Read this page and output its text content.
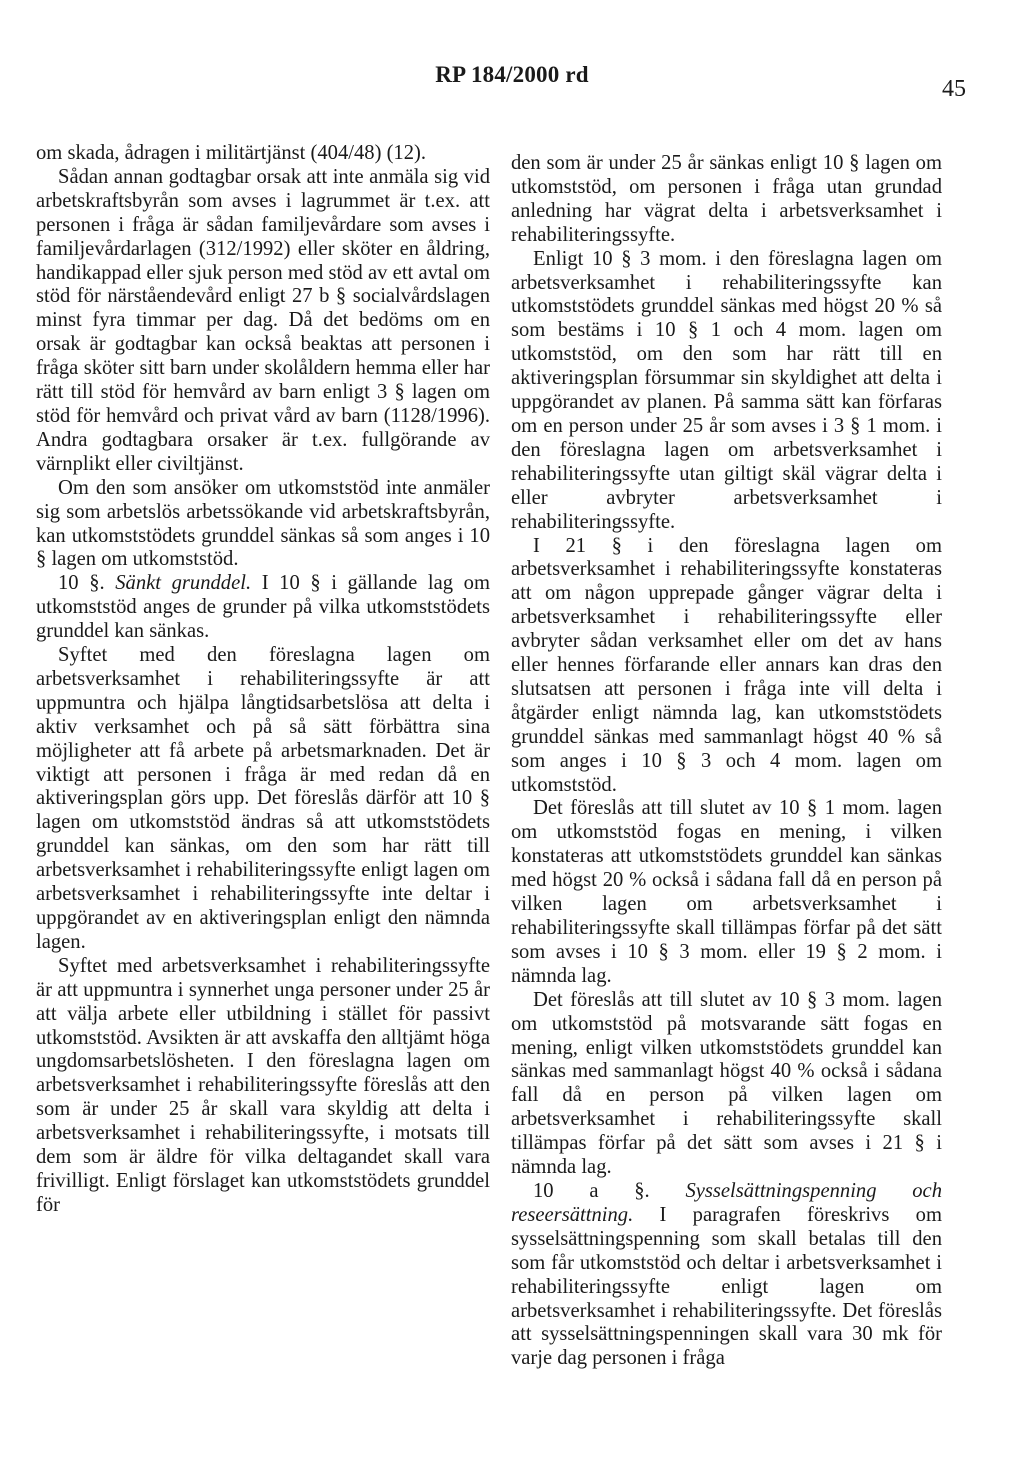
RP 184/2000 rd
45

om skada, ådragen i militärtjänst (404/48) (12).

Sådan annan godtagbar orsak att inte anmäla sig vid arbetskraftsbyrån som avses i lagrummet är t.ex. att personen i fråga är sådan familjevårdare som avses i familjevårdarlagen (312/1992) eller sköter en åldring, handikappad eller sjuk person med stöd av ett avtal om stöd för närståendevård enligt 27 b § socialvårdslagen minst fyra timmar per dag. Då det bedöms om en orsak är godtagbar kan också beaktas att personen i fråga sköter sitt barn under skolåldern hemma eller har rätt till stöd för hemvård av barn enligt 3 § lagen om stöd för hemvård och privat vård av barn (1128/1996). Andra godtagbara orsaker är t.ex. fullgörande av värnplikt eller civiltjänst.

Om den som ansöker om utkomststöd inte anmäler sig som arbetslös arbetssökande vid arbetskraftsbyrån, kan utkomststödets grunddel sänkas så som anges i 10 § lagen om utkomststöd.

10 §. Sänkt grunddel. I 10 § i gällande lag om utkomststöd anges de grunder på vilka utkomststödets grunddel kan sänkas.

Syftet med den föreslagna lagen om arbetsverksamhet i rehabiliteringssyfte är att uppmuntra och hjälpa långtidsarbetslösa att delta i aktiv verksamhet och på så sätt förbättra sina möjligheter att få arbete på arbetsmarknaden. Det är viktigt att personen i fråga är med redan då en aktiveringsplan görs upp. Det föreslås därför att 10 § lagen om utkomststöd ändras så att utkomststödets grunddel kan sänkas, om den som har rätt till arbetsverksamhet i rehabiliteringssyfte enligt lagen om arbetsverksamhet i rehabiliteringssyfte inte deltar i uppgörandet av en aktiveringsplan enligt den nämnda lagen.

Syftet med arbetsverksamhet i rehabiliteringssyfte är att uppmuntra i synnerhet unga personer under 25 år att välja arbete eller utbildning i stället för passivt utkomststöd. Avsikten är att avskaffa den alltjämt höga ungdomsarbetslösheten. I den föreslagna lagen om arbetsverksamhet i rehabiliteringssyfte föreslås att den som är under 25 år skall vara skyldig att delta i arbetsverksamhet i rehabiliteringssyfte, i motsats till dem som är äldre för vilka deltagandet skall vara frivilligt. Enligt förslaget kan utkomststödets grunddel för

den som är under 25 år sänkas enligt 10 § lagen om utkomststöd, om personen i fråga utan grundad anledning har vägrat delta i arbetsverksamhet i rehabiliteringssyfte.

Enligt 10 § 3 mom. i den föreslagna lagen om arbetsverksamhet i rehabiliteringssyfte kan utkomststödets grunddel sänkas med högst 20 % så som bestäms i 10 § 1 och 4 mom. lagen om utkomststöd, om den som har rätt till en aktiveringsplan försummar sin skyldighet att delta i uppgörandet av planen. På samma sätt kan förfaras om en person under 25 år som avses i 3 § 1 mom. i den föreslagna lagen om arbetsverksamhet i rehabiliteringssyfte utan giltigt skäl vägrar delta i eller avbryter arbetsverksamhet i rehabiliteringssyfte.

I 21 § i den föreslagna lagen om arbetsverksamhet i rehabiliteringssyfte konstateras att om någon upprepade gånger vägrar delta i arbetsverksamhet i rehabiliteringssyfte eller avbryter sådan verksamhet eller om det av hans eller hennes förfarande eller annars kan dras den slutsatsen att personen i fråga inte vill delta i åtgärder enligt nämnda lag, kan utkomststödets grunddel sänkas med sammanlagt högst 40 % så som anges i 10 § 3 och 4 mom. lagen om utkomststöd.

Det föreslås att till slutet av 10 § 1 mom. lagen om utkomststöd fogas en mening, i vilken konstateras att utkomststödets grunddel kan sänkas med högst 20 % också i sådana fall då en person på vilken lagen om arbetsverksamhet i rehabiliteringssyfte skall tillämpas förfar på det sätt som avses i 10 § 3 mom. eller 19 § 2 mom. i nämnda lag.

Det föreslås att till slutet av 10 § 3 mom. lagen om utkomststöd på motsvarande sätt fogas en mening, enligt vilken utkomststödets grunddel kan sänkas med sammanlagt högst 40 % också i sådana fall då en person på vilken lagen om arbetsverksamhet i rehabiliteringssyfte skall tillämpas förfar på det sätt som avses i 21 § i nämnda lag.

10 a §. Sysselsättningspenning och reseersättning. I paragrafen föreskrivs om sysselsättningspenning som skall betalas till den som får utkomststöd och deltar i arbetsverksamhet i rehabiliteringssyfte enligt lagen om arbetsverksamhet i rehabiliteringssyfte. Det föreslås att sysselsättningspenningen skall vara 30 mk för varje dag personen i fråga
